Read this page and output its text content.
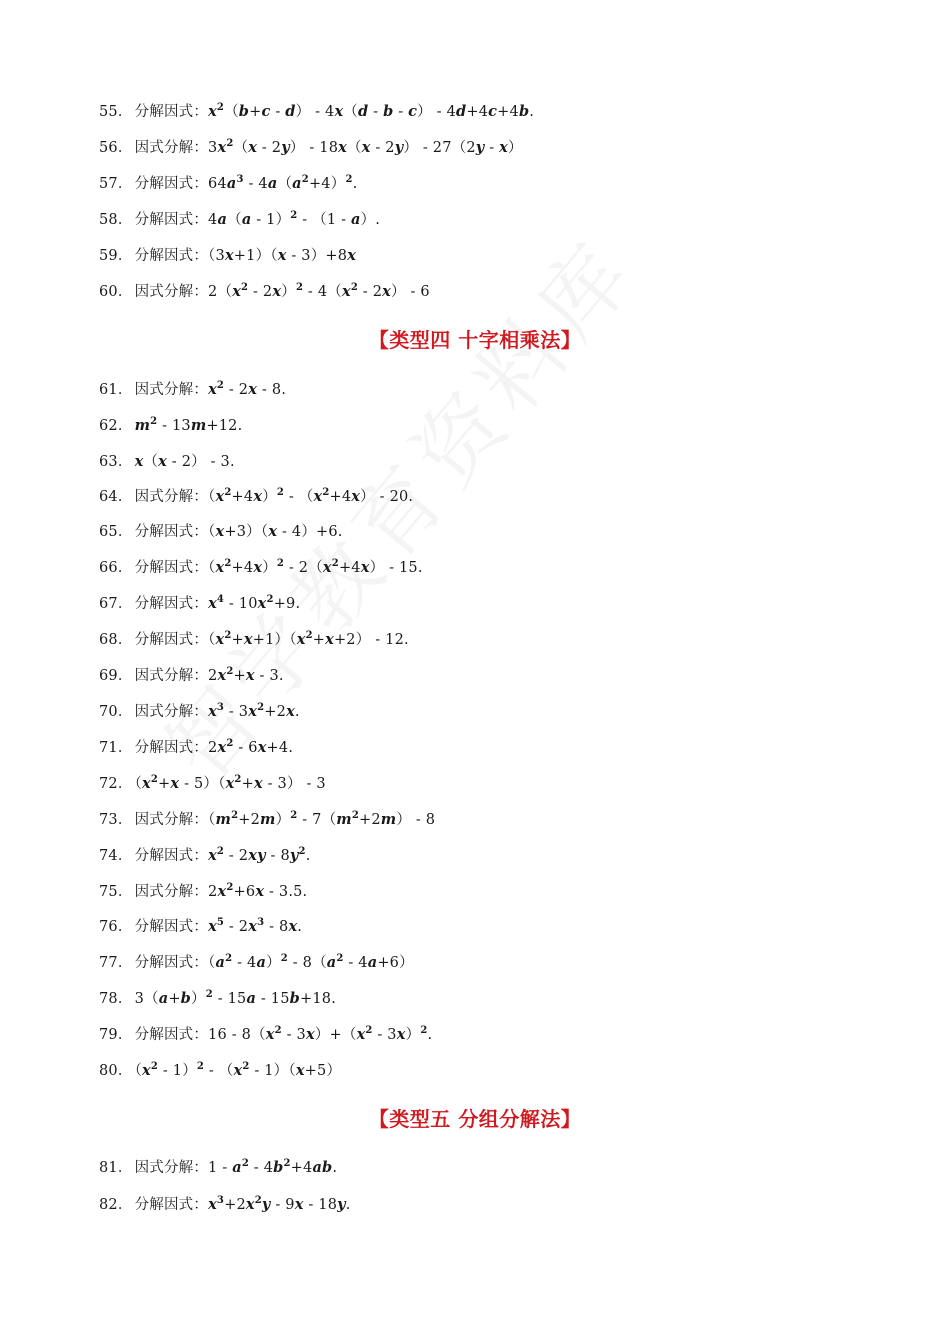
55． 分解因式：$x^2(b+c - d) - 4x(d - b - c) - 4d+4c+4b$.
56． 因式分解：$3x^2(x - 2y) - 18x(x - 2y) - 27(2y - x)$
57． 分解因式：$64a^3 - 4a(a^2+4)^2$.
58． 分解因式：4a（a - 1）$^2$ - （1 - a）.
59． 分解因式：（3x+1）（x - 3）+8x
60． 因式分解：$2(x^2 - 2x)^2 - 4(x^2 - 2x) - 6$
【类型四 十字相乘法】
61． 因式分解：$x^2 - 2x - 8$.
62． $m^2 - 13m+12$.
63． x（x - 2） - 3.
64． 因式分解：$(x^2+4x)^2 - (x^2+4x) - 20$.
65． 分解因式：（x+3）（x - 4）+6.
66． 分解因式：$(x^2+4x)^2 - 2(x^2+4x) - 15$.
67． 分解因式：$x^4 - 10x^2+9$.
68． 分解因式：$(x^2+x+1)(x^2+x+2) - 12$.
69． 因式分解：$2x^2+x - 3$.
70． 因式分解：$x^3 - 3x^2+2x$.
71． 分解因式：$2x^2 - 6x+4$.
72． $(x^2+x - 5)(x^2+x - 3) - 3$
73． 因式分解：$(m^2+2m)^2 - 7(m^2+2m) - 8$
74． 分解因式：$x^2 - 2xy - 8y^2$.
75． 因式分解：$2x^2+6x - 3.5$.
76． 分解因式：$x^5 - 2x^3 - 8x$.
77． 分解因式：$(a^2 - 4a)^2 - 8(a^2 - 4a+6)$
78． $3(a+b)^2 - 15a - 15b+18$.
79． 分解因式：$16 - 8(x^2 - 3x)+(x^2 - 3x)^2$.
80． $(x^2 - 1)^2 - (x^2 - 1)(x+5)$
【类型五 分组分解法】
81． 因式分解：$1 - a^2 - 4b^2+4ab$.
82． 分解因式：$x^3+2x^2y - 9x - 18y$.
